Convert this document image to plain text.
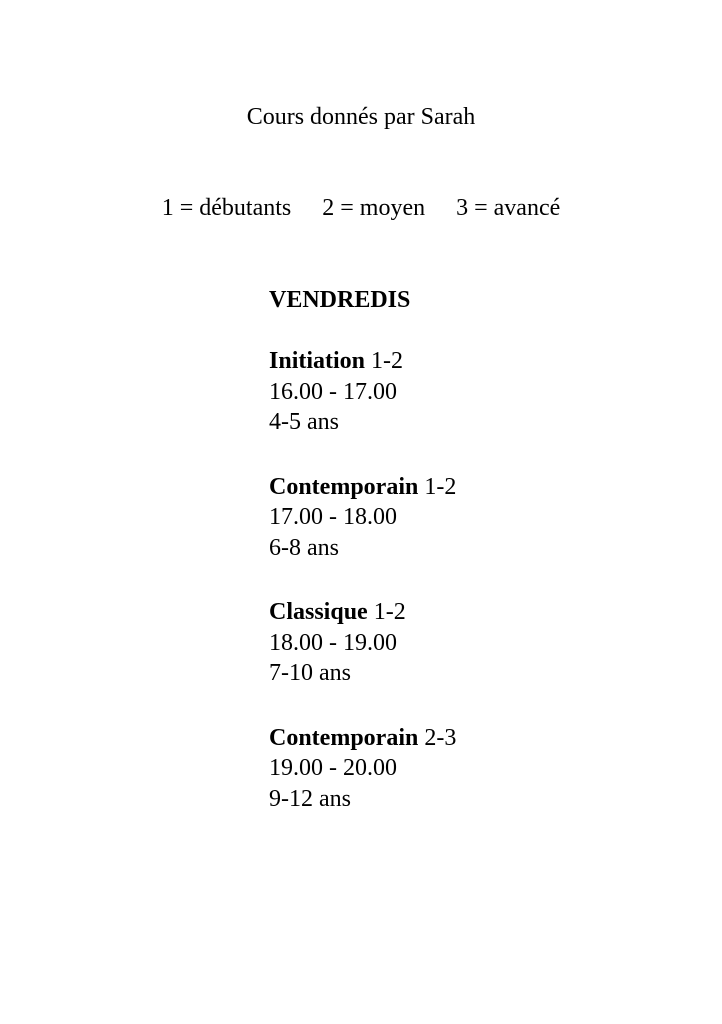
Cours donnés par Sarah
1 = débutants 2 = moyen 3 = avancé
VENDREDIS
Initiation 1-2
16.00 - 17.00
4-5 ans
Contemporain 1-2
17.00 - 18.00
6-8 ans
Classique 1-2
18.00 - 19.00
7-10 ans
Contemporain 2-3
19.00 - 20.00
9-12 ans
